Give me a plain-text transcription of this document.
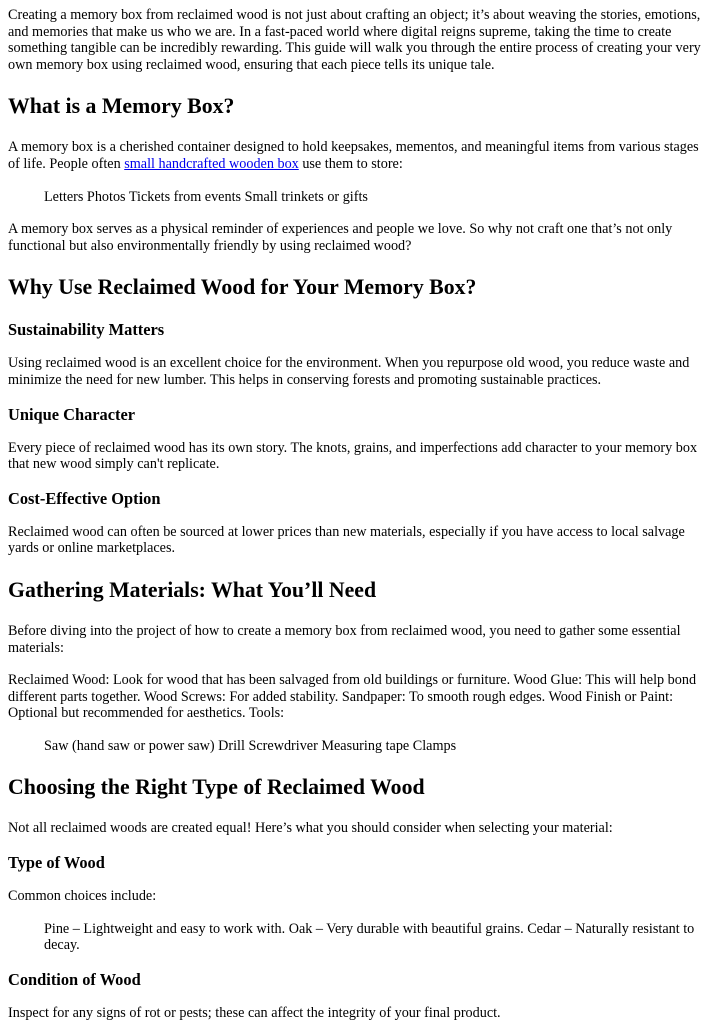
Creating a memory box from reclaimed wood is not just about crafting an object; it’s about weaving the stories, emotions, and memories that make us who we are. In a fast-paced world where digital reigns supreme, taking the time to create something tangible can be incredibly rewarding. This guide will walk you through the entire process of creating your very own memory box using reclaimed wood, ensuring that each piece tells its unique tale.

What is a Memory Box?

A memory box is a cherished container designed to hold keepsakes, mementos, and meaningful items from various stages of life. People often small handcrafted wooden box use them to store:

Letters Photos Tickets from events Small trinkets or gifts

A memory box serves as a physical reminder of experiences and people we love. So why not craft one that’s not only functional but also environmentally friendly by using reclaimed wood?

Why Use Reclaimed Wood for Your Memory Box?
Sustainability Matters

Using reclaimed wood is an excellent choice for the environment. When you repurpose old wood, you reduce waste and minimize the need for new lumber. This helps in conserving forests and promoting sustainable practices.

Unique Character

Every piece of reclaimed wood has its own story. The knots, grains, and imperfections add character to your memory box that new wood simply can't replicate.

Cost-Effective Option

Reclaimed wood can often be sourced at lower prices than new materials, especially if you have access to local salvage yards or online marketplaces.

Gathering Materials: What You’ll Need

Before diving into the project of how to create a memory box from reclaimed wood, you need to gather some essential materials:

Reclaimed Wood: Look for wood that has been salvaged from old buildings or furniture. Wood Glue: This will help bond different parts together. Wood Screws: For added stability. Sandpaper: To smooth rough edges. Wood Finish or Paint: Optional but recommended for aesthetics. Tools:

Saw (hand saw or power saw) Drill Screwdriver Measuring tape Clamps
Choosing the Right Type of Reclaimed Wood

Not all reclaimed woods are created equal! Here’s what you should consider when selecting your material:

Type of Wood

Common choices include:

Pine – Lightweight and easy to work with. Oak – Very durable with beautiful grains. Cedar – Naturally resistant to decay.
Condition of Wood

Inspect for any signs of rot or pests; these can affect the integrity of your final product.
